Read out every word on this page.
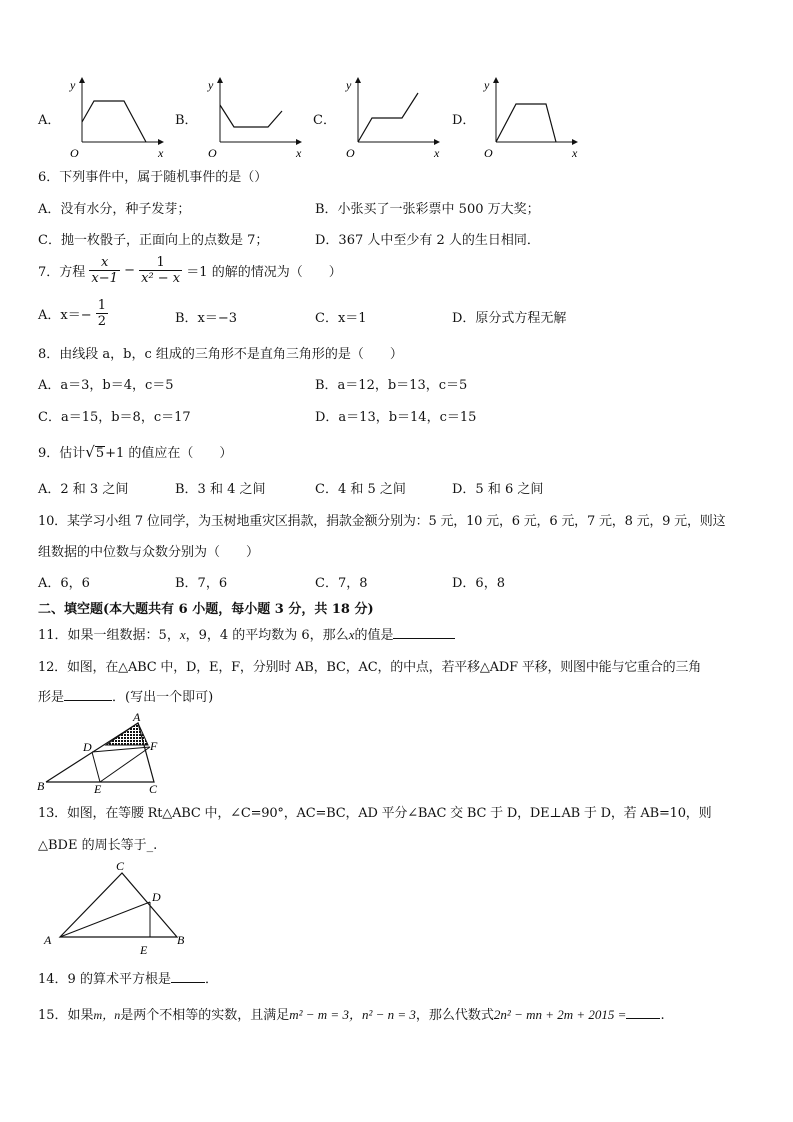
A．
y
O	x
B．
y
O	x
C．
y
O	x
D．
y
O	x
6．下列事件中，属于随机事件的是（）
A．没有水分，种子发芽；	B．小张买了一张彩票中 500 万大奖；
C．抛一枚骰子，正面向上的点数是 7；	D．367 人中至少有 2 人的生日相同．
7．方程 $\frac{x}{x-1} - \frac{1}{\text{x² − x}} =1$ 的解的情况为（　　）
A．$x=- \frac{1}{2}$	B．x＝−3	C．x＝1	D．原分式方程无解
8．由线段 a，b，c 组成的三角形不是直角三角形的是（　　）
A．a＝3，b＝4，c＝5	B．a＝12，b＝13，c＝5
C．a＝15，b＝8，c＝17	D．a＝13，b＝14，c＝15
9．估计√5+1 的值应在（　　）
A．2 和 3 之间	B．3 和 4 之间	C．4 和 5 之间	D．5 和 6 之间
10．某学习小组 7 位同学，为玉树地重灾区捐款，捐款金额分别为：5 元，10 元，6 元，6 元，7 元，8 元，9 元，则这
组数据的中位数与众数分别为（　　）
A．6，6	B．7，6	C．7，8	D．6，8
二、填空题(本大题共有 6 小题，每小题 3 分，共 18 分)
11．如果一组数据：5，x，9，4 的平均数为 6，那么x的值是
12．如图，在△ABC 中，D，E，F，分别时 AB，BC，AC，的中点，若平移△ADF 平移，则图中能与它重合的三角
形是	．(写出一个即可)
A
D	F
B	E	C
13．如图，在等腰 Rt△ABC 中，∠C=90°，AC=BC，AD 平分∠BAC 交 BC 于 D，DE⊥AB 于 D，若 AB=10，则
△BDE 的周长等于_.
C
D
A
E
B
14．9 的算术平方根是	．
15．如果m，n是两个不相等的实数，且满足m² − m = 3，n² − n = 3，那么代数式2n² − mn + 2m + 2015 =	.
